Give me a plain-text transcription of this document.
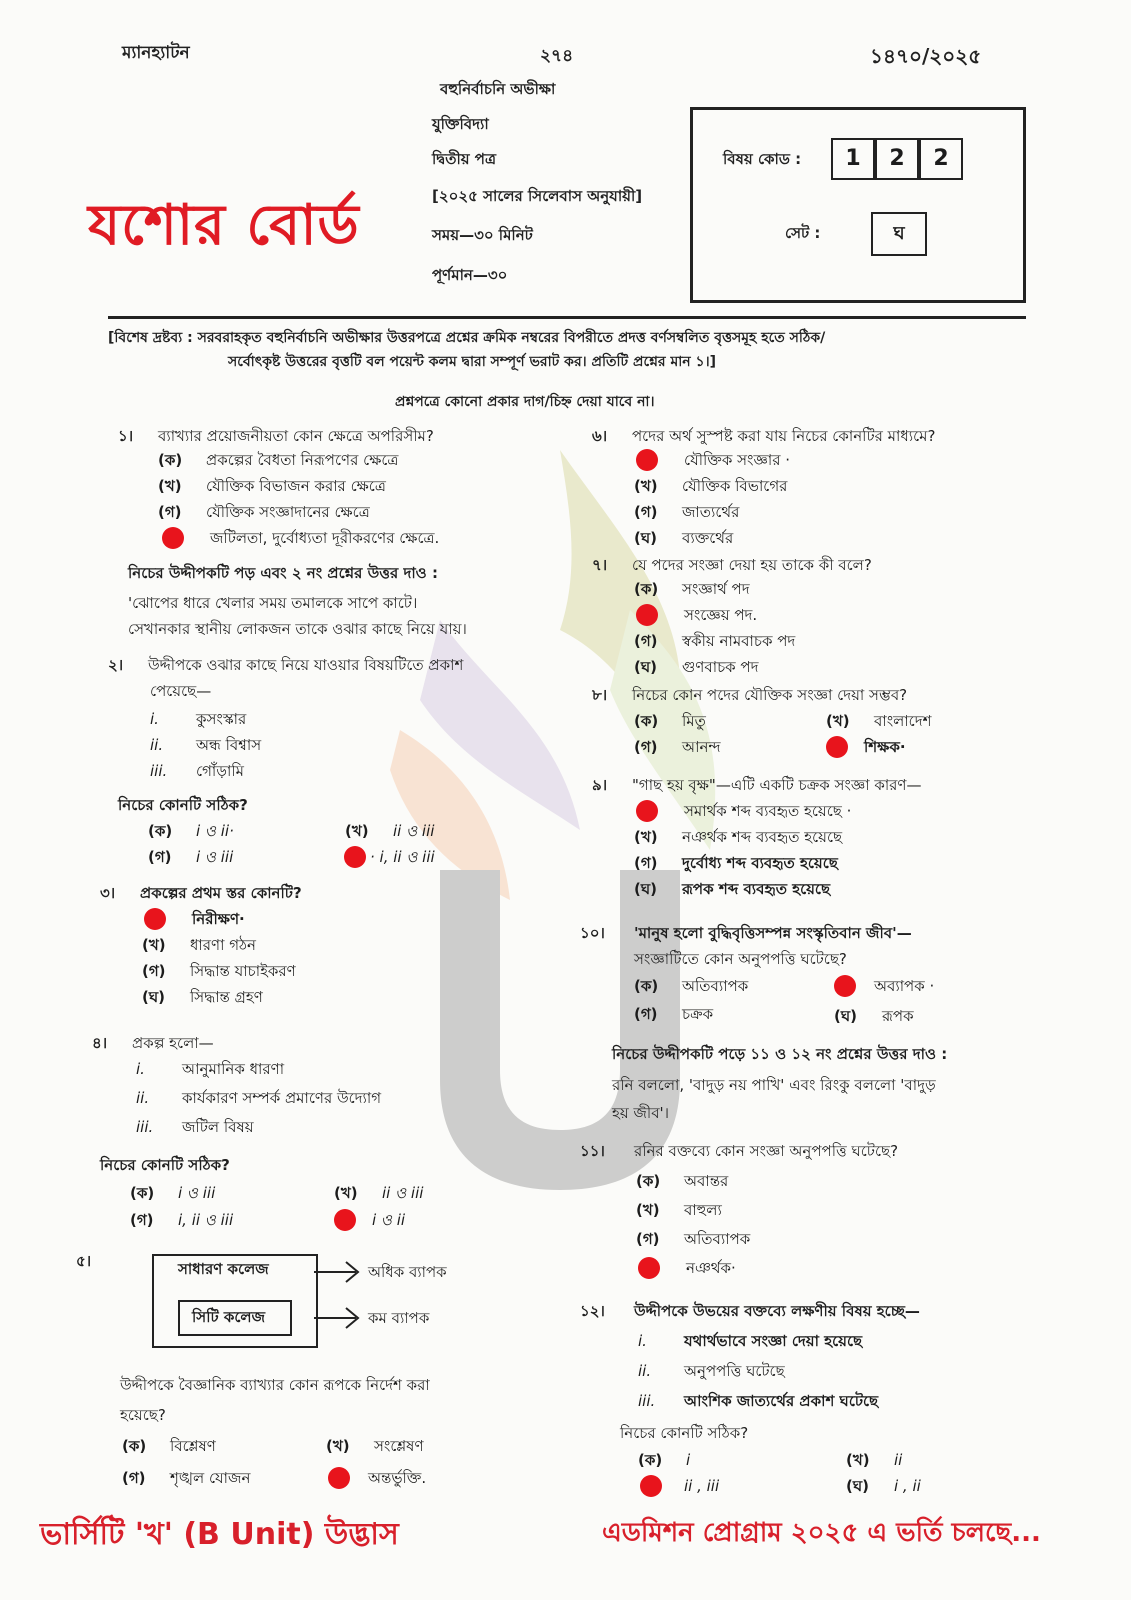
ম্যানহ্যাটন	২৭৪	১৪৭০/২০২৫
বহুনির্বাচনি অভীক্ষা
যুক্তিবিদ্যা
দ্বিতীয় পত্র
[২০২৫ সালের সিলেবাস অনুযায়ী]
সময়—৩০ মিনিট
পূর্ণমান—৩০
যশোর বোর্ড
বিষয় কোড :	1	2	2
সেট :	ঘ
[বিশেষ দ্রষ্টব্য : সরবরাহকৃত বহুনির্বাচনি অভীক্ষার উত্তরপত্রে প্রশ্নের ক্রমিক নম্বরের বিপরীতে প্রদত্ত বর্ণসম্বলিত বৃত্তসমূহ হতে সঠিক/
সর্বোৎকৃষ্ট উত্তরের বৃত্তটি বল পয়েন্ট কলম দ্বারা সম্পূর্ণ ভরাট কর। প্রতিটি প্রশ্নের মান ১।]
প্রশ্নপত্রে কোনো প্রকার দাগ/চিহ্ন দেয়া যাবে না।
১। ব্যাখ্যার প্রয়োজনীয়তা কোন ক্ষেত্রে অপরিসীম?
(ক)	প্রকল্পের বৈধতা নিরূপণের ক্ষেত্রে
(খ)	যৌক্তিক বিভাজন করার ক্ষেত্রে
(গ)	যৌক্তিক সংজ্ঞাদানের ক্ষেত্রে
জটিলতা, দুর্বোধ্যতা দূরীকরণের ক্ষেত্রে.
নিচের উদ্দীপকটি পড় এবং ২ নং প্রশ্নের উত্তর দাও :
'ঝোপের ধারে খেলার সময় তমালকে সাপে কাটে।
সেখানকার স্থানীয় লোকজন তাকে ওঝার কাছে নিয়ে যায়।
২। উদ্দীপকে ওঝার কাছে নিয়ে যাওয়ার বিষয়টিতে প্রকাশ
পেয়েছে—
i.	কুসংস্কার
ii.	অন্ধ বিশ্বাস
iii.	গোঁড়ামি
নিচের কোনটি সঠিক?
(ক)	i ও ii·	(খ)	ii ও iii
(গ)	i ও iii	· i, ii ও iii
৩। প্রকল্পের প্রথম স্তর কোনটি?
নিরীক্ষণ·
(খ)	ধারণা গঠন
(গ)	সিদ্ধান্ত যাচাইকরণ
(ঘ)	সিদ্ধান্ত গ্রহণ
৪। প্রকল্প হলো—
i.	আনুমানিক ধারণা
ii.	কার্যকারণ সম্পর্ক প্রমাণের উদ্যোগ
iii.	জটিল বিষয়
নিচের কোনটি সঠিক?
(ক)	i ও iii	(খ)	ii ও iii
(গ)	i, ii ও iii	i ও ii
৫।	সাধারণ কলেজ
সিটি কলেজ
অধিক ব্যাপক
কম ব্যাপক
উদ্দীপকে বৈজ্ঞানিক ব্যাখ্যার কোন রূপকে নির্দেশ করা
হয়েছে?
(ক)	বিশ্লেষণ	(খ)	সংশ্লেষণ
(গ)	শৃঙ্খল যোজন	অন্তর্ভুক্তি.
৬। পদের অর্থ সুস্পষ্ট করা যায় নিচের কোনটির মাধ্যমে?
যৌক্তিক সংজ্ঞার ·
(খ)	যৌক্তিক বিভাগের
(গ)	জাত্যর্থের
(ঘ)	ব্যক্তর্থের
৭। যে পদের সংজ্ঞা দেয়া হয় তাকে কী বলে?
(ক)	সংজ্ঞার্থ পদ
সংজ্ঞেয় পদ.
(গ)	স্বকীয় নামবাচক পদ
(ঘ)	গুণবাচক পদ
৮। নিচের কোন পদের যৌক্তিক সংজ্ঞা দেয়া সম্ভব?
(ক)	মিতু	(খ)	বাংলাদেশ
(গ)	আনন্দ	শিক্ষক·
৯। "গাছ হয় বৃক্ষ"—এটি একটি চক্রক সংজ্ঞা কারণ—
সমার্থক শব্দ ব্যবহৃত হয়েছে ·
(খ)	নঞর্থক শব্দ ব্যবহৃত হয়েছে
(গ)	দুর্বোধ্য শব্দ ব্যবহৃত হয়েছে
(ঘ)	রূপক শব্দ ব্যবহৃত হয়েছে
১০। 'মানুষ হলো বুদ্ধিবৃত্তিসম্পন্ন সংস্কৃতিবান জীব'—
সংজ্ঞাটিতে কোন অনুপপত্তি ঘটেছে?
(ক)	অতিব্যাপক	অব্যাপক ·
(গ)	চক্রক	(ঘ)	রূপক
নিচের উদ্দীপকটি পড়ে ১১ ও ১২ নং প্রশ্নের উত্তর দাও :
রনি বললো, 'বাদুড় নয় পাখি' এবং রিংকু বললো 'বাদুড়
হয় জীব'।
১১। রনির বক্তব্যে কোন সংজ্ঞা অনুপপত্তি ঘটেছে?
(ক)	অবান্তর
(খ)	বাহুল্য
(গ)	অতিব্যাপক
নঞর্থক·
১২। উদ্দীপকে উভয়ের বক্তব্যে লক্ষণীয় বিষয় হচ্ছে—
i.	যথার্থভাবে সংজ্ঞা দেয়া হয়েছে
ii.	অনুপপত্তি ঘটেছে
iii.	আংশিক জাত্যর্থের প্রকাশ ঘটেছে
নিচের কোনটি সঠিক?
(ক)	i	(খ)	ii
ii , iii	(ঘ)	i , ii
ভার্সিটি 'খ' (B Unit) উদ্ভাস	এডমিশন প্রোগ্রাম ২০২৫ এ ভর্তি চলছে...
